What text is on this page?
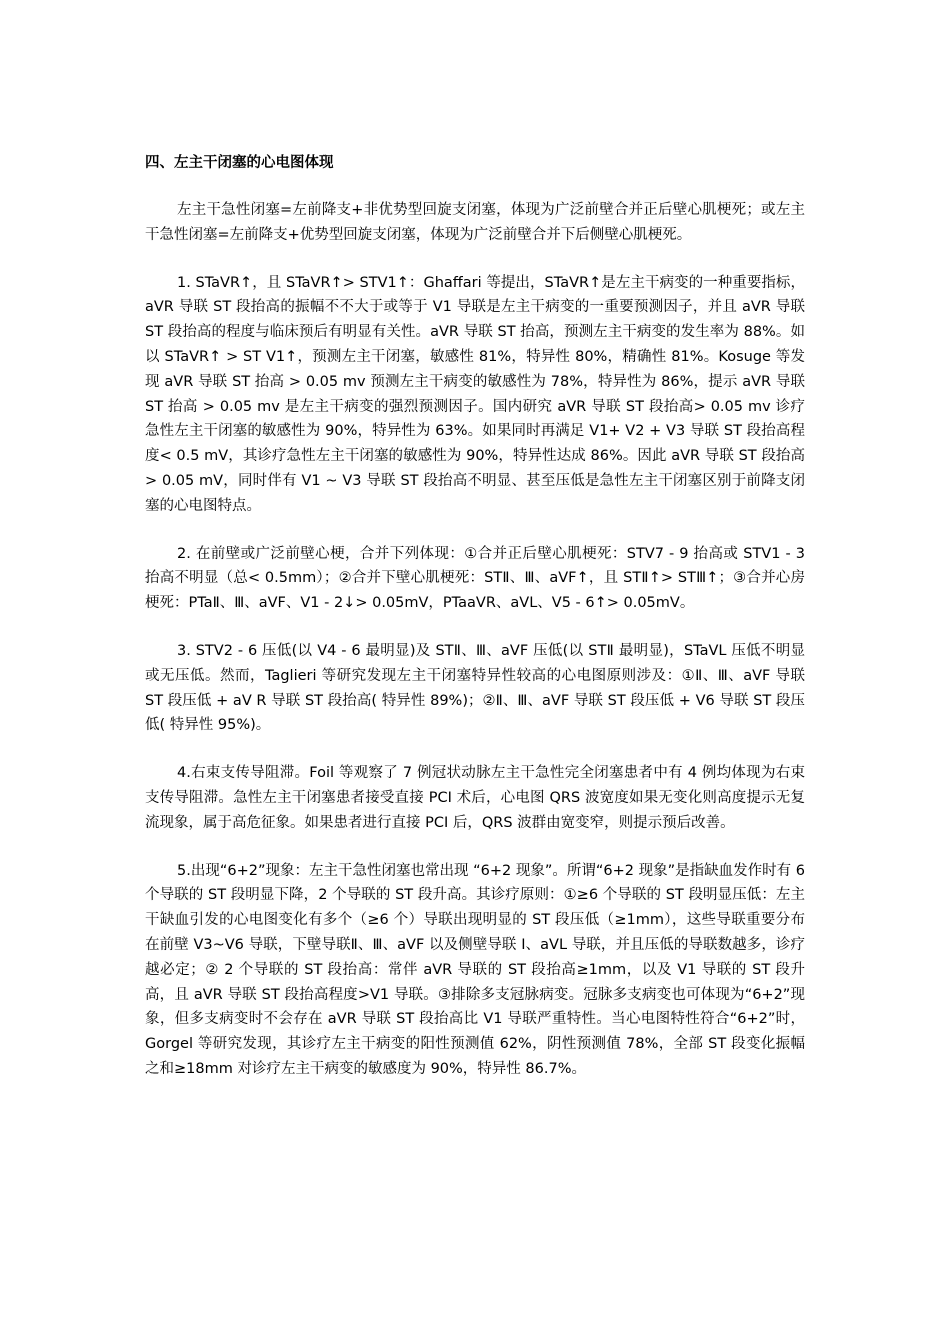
四、左主干闭塞的心电图体现

左主干急性闭塞=左前降支+非优势型回旋支闭塞，体现为广泛前壁合并正后壁心肌梗死；或左主干急性闭塞=左前降支+优势型回旋支闭塞，体现为广泛前壁合并下后侧壁心肌梗死。

1. STaVR↑，且 STaVR↑> STV1↑：Ghaffari 等提出，STaVR↑是左主干病变的一种重要指标，aVR 导联 ST 段抬高的振幅不不大于或等于 V1 导联是左主干病变的一重要预测因子，并且 aVR 导联 ST 段抬高的程度与临床预后有明显有关性。aVR 导联 ST 抬高，预测左主干病变的发生率为 88%。如以 STaVR↑ > ST V1↑，预测左主干闭塞，敏感性 81%，特异性 80%，精确性 81%。Kosuge 等发现 aVR 导联 ST 抬高 > 0.05 mv 预测左主干病变的敏感性为 78%，特异性为 86%，提示 aVR 导联 ST 抬高 > 0.05 mv 是左主干病变的强烈预测因子。国内研究 aVR 导联 ST 段抬高> 0.05 mv 诊疗急性左主干闭塞的敏感性为 90%，特异性为 63%。如果同时再满足 V1+ V2 + V3 导联 ST 段抬高程度< 0.5 mV，其诊疗急性左主干闭塞的敏感性为 90%，特异性达成 86%。因此 aVR 导联 ST 段抬高> 0.05 mV，同时伴有 V1 ~ V3 导联 ST 段抬高不明显、甚至压低是急性左主干闭塞区别于前降支闭塞的心电图特点。

2. 在前壁或广泛前壁心梗，合并下列体现：①合并正后壁心肌梗死：STV7 - 9 抬高或 STV1 - 3 抬高不明显（总< 0.5mm）；②合并下壁心肌梗死：STⅡ、Ⅲ、aVF↑，且 STⅡ↑> STⅢ↑；③合并心房梗死：PTaⅡ、Ⅲ、aVF、V1 - 2↓> 0.05mV，PTaaVR、aVL、V5 - 6↑> 0.05mV。

3. STV2 - 6 压低(以 V4 - 6 最明显)及 STⅡ、Ⅲ、aVF 压低(以 STⅡ 最明显)，STaVL 压低不明显或无压低。然而，Taglieri 等研究发现左主干闭塞特异性较高的心电图原则涉及：①Ⅱ、Ⅲ、aVF 导联 ST 段压低 + aV R 导联 ST 段抬高( 特异性 89%)；②Ⅱ、Ⅲ、aVF 导联 ST 段压低 + V6 导联 ST 段压低( 特异性 95%)。

4.右束支传导阻滞。Foil 等观察了 7 例冠状动脉左主干急性完全闭塞患者中有 4 例均体现为右束支传导阻滞。急性左主干闭塞患者接受直接 PCI 术后，心电图 QRS 波宽度如果无变化则高度提示无复流现象，属于高危征象。如果患者进行直接 PCI 后，QRS 波群由宽变窄，则提示预后改善。

5.出现“6+2”现象：左主干急性闭塞也常出现 “6+2 现象”。所谓“6+2 现象”是指缺血发作时有 6 个导联的 ST 段明显下降，2 个导联的 ST 段升高。其诊疗原则：①≥6 个导联的 ST 段明显压低：左主干缺血引发的心电图变化有多个（≥6 个）导联出现明显的 ST 段压低（≥1mm），这些导联重要分布在前壁 V3~V6 导联，下壁导联Ⅱ、Ⅲ、aVF 以及侧壁导联 I、aVL 导联，并且压低的导联数越多，诊疗越必定；② 2 个导联的 ST 段抬高：常伴 aVR 导联的 ST 段抬高≥1mm，以及 V1 导联的 ST 段升高，且 aVR 导联 ST 段抬高程度>V1 导联。③排除多支冠脉病变。冠脉多支病变也可体现为“6+2”现象，但多支病变时不会存在 aVR 导联 ST 段抬高比 V1 导联严重特性。当心电图特性符合“6+2”时，Gorgel 等研究发现，其诊疗左主干病变的阳性预测值 62%，阴性预测值 78%，全部 ST 段变化振幅之和≥18mm 对诊疗左主干病变的敏感度为 90%，特异性 86.7%。
